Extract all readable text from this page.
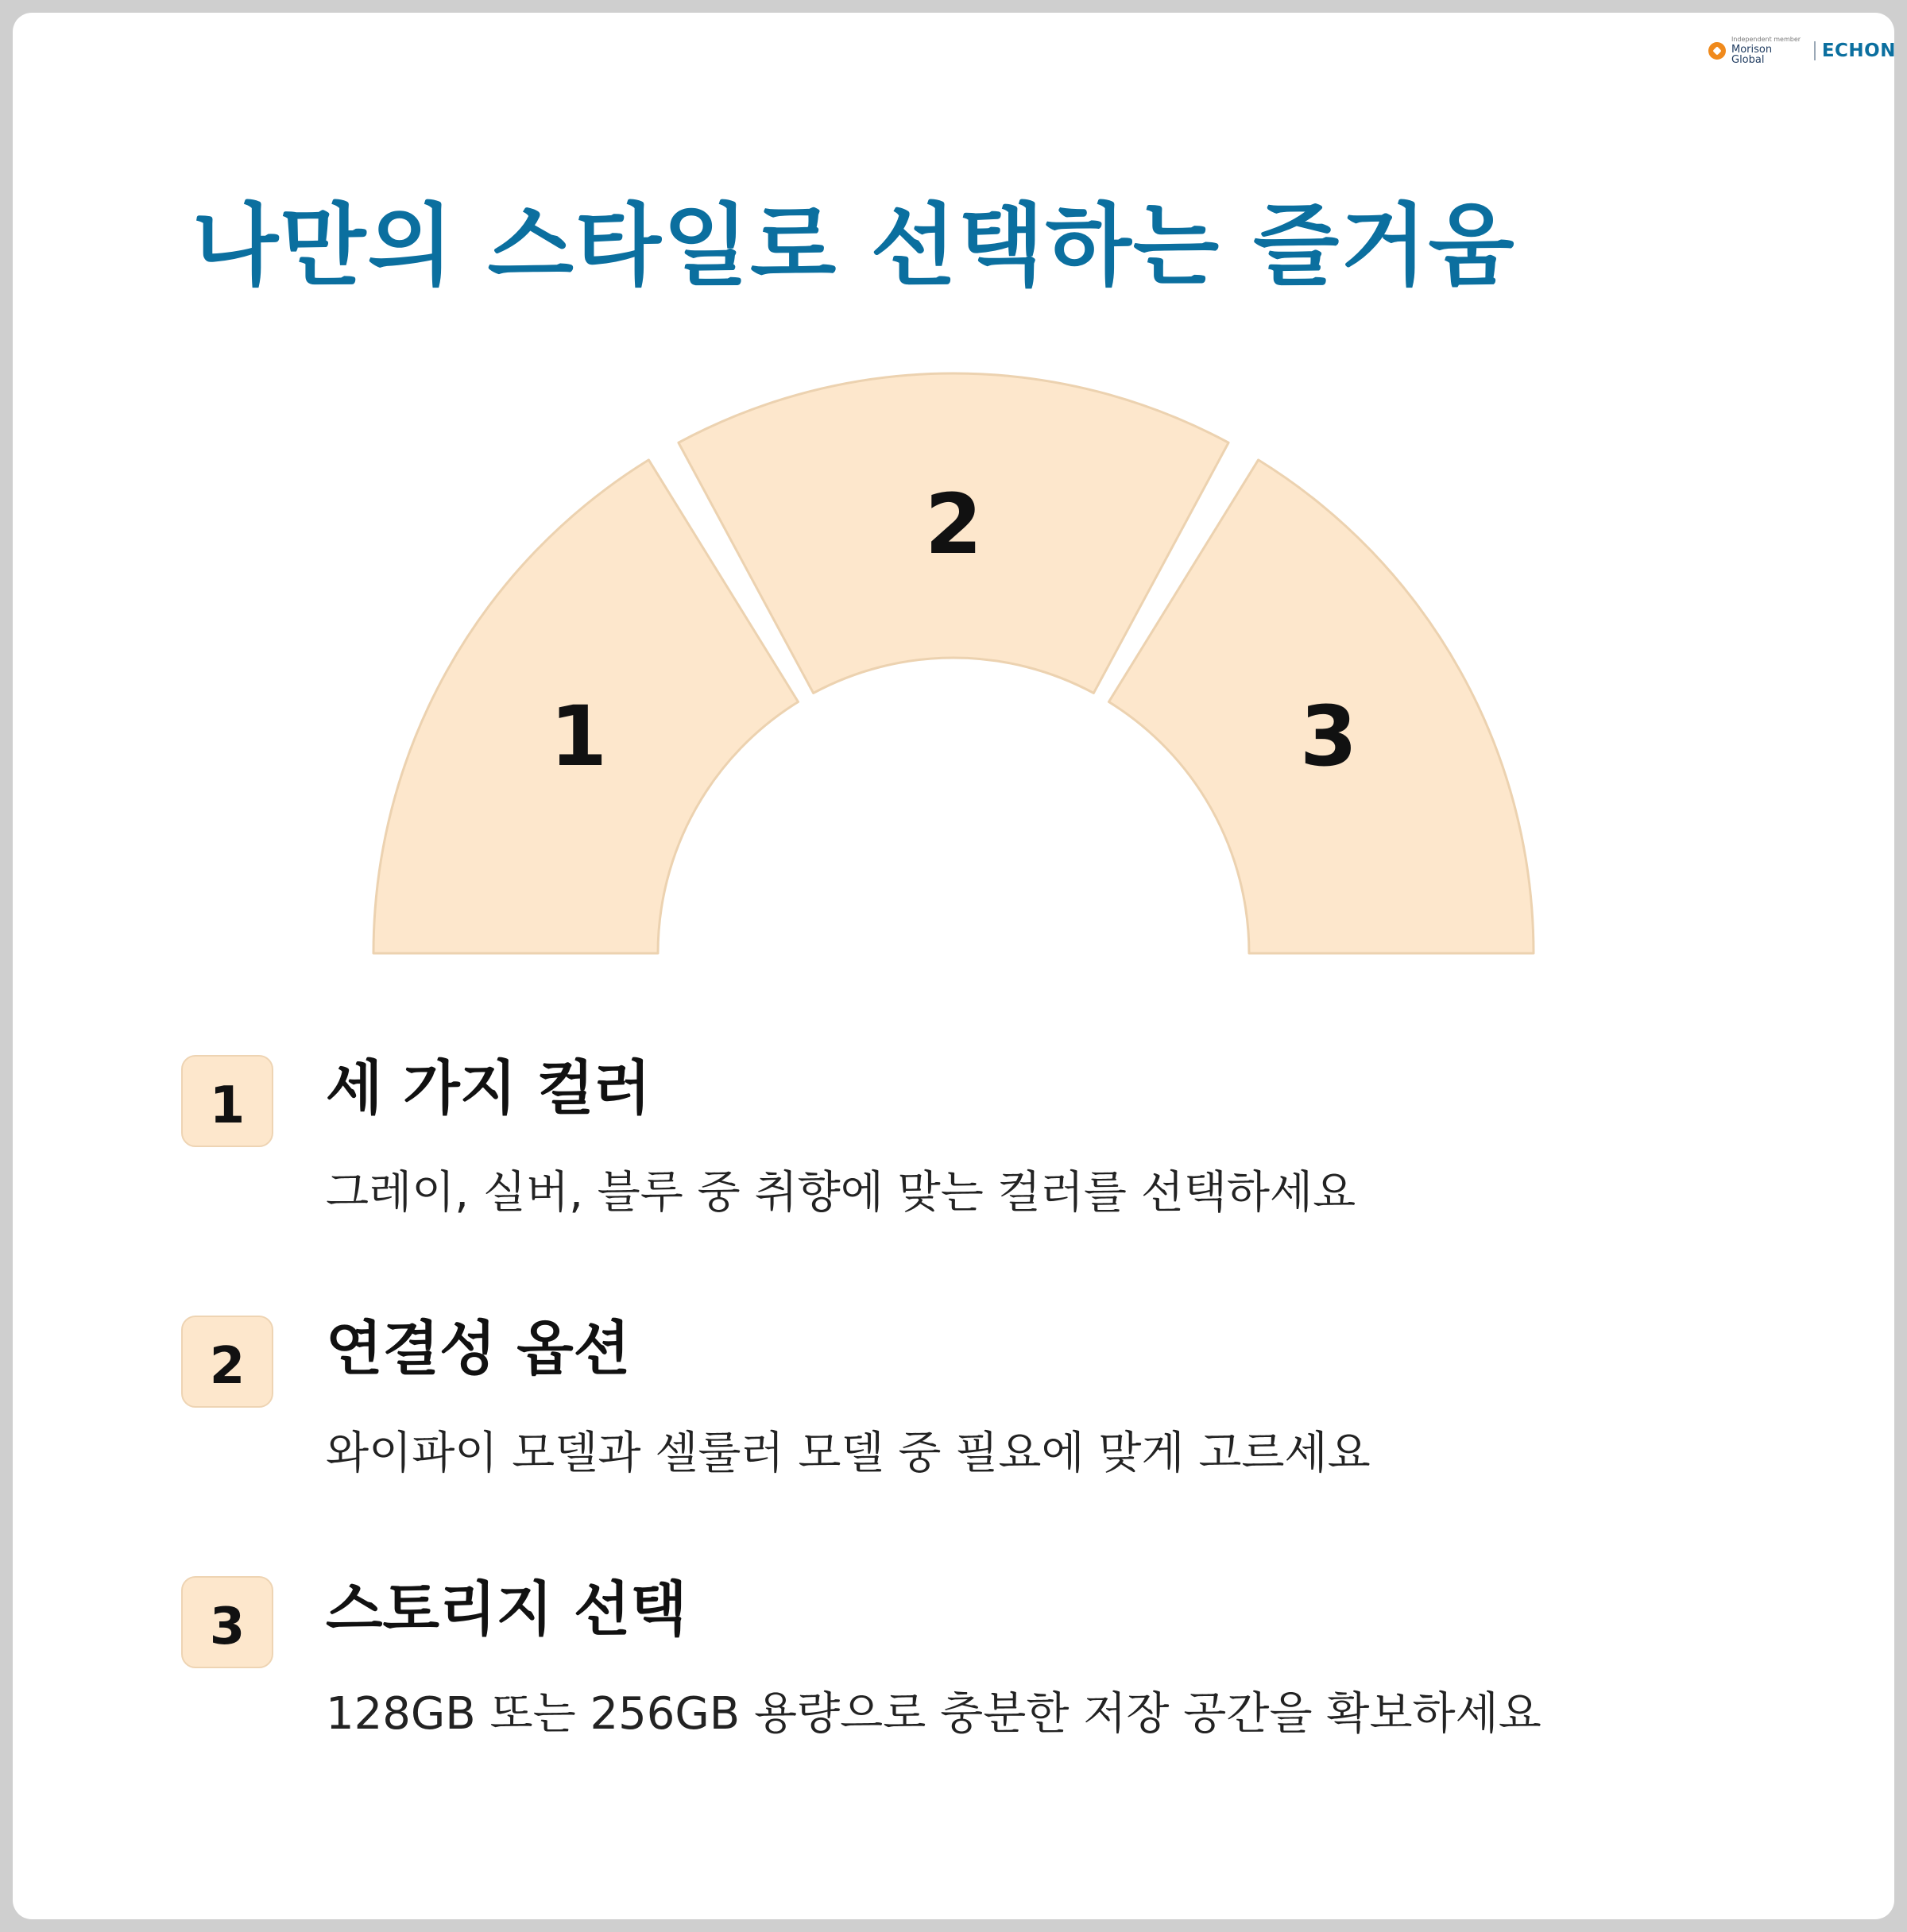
Independent member
Morison Global	ECHON
나만의 스타일로 선택하는 즐거움
1
2
3
1	세 가지 컬러

그레이, 실버, 블루 중 취향에 맞는 컬러를 선택하세요

2	연결성 옵션

와이파이 모델과 셀룰러 모델 중 필요에 맞게 고르세요

3	스토리지 선택

128GB 또는 256GB 용량으로 충분한 저장 공간을 확보하세요
